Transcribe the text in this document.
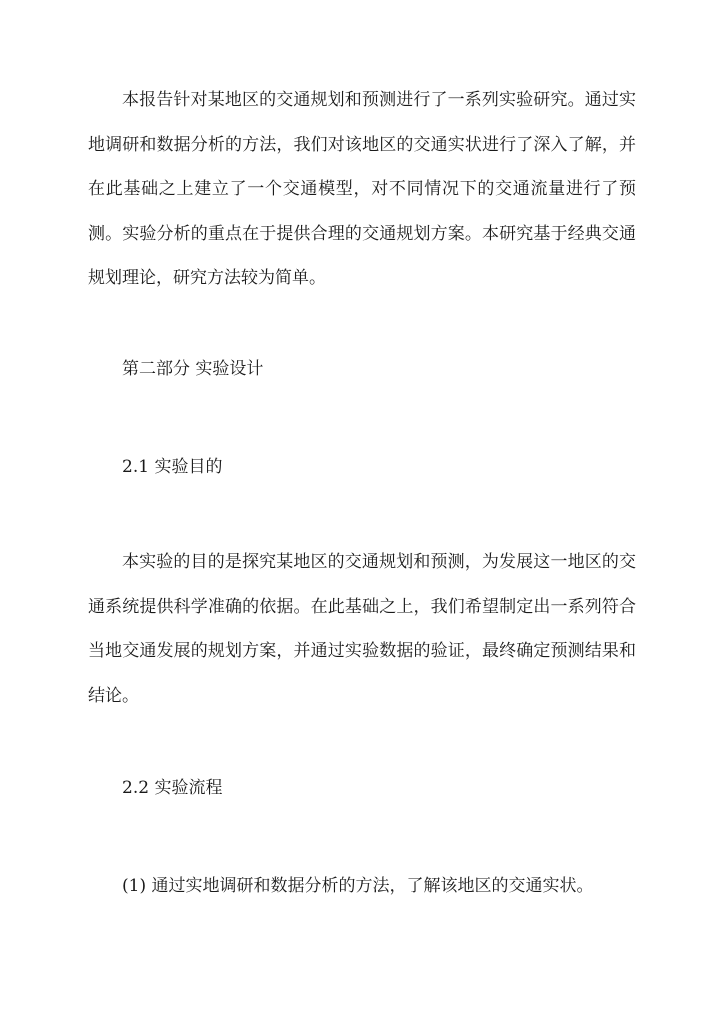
本报告针对某地区的交通规划和预测进行了一系列实验研究。通过实地调研和数据分析的方法，我们对该地区的交通实状进行了深入了解，并在此基础之上建立了一个交通模型，对不同情况下的交通流量进行了预测。实验分析的重点在于提供合理的交通规划方案。本研究基于经典交通规划理论，研究方法较为简单。

第二部分 实验设计
2.1 实验目的

本实验的目的是探究某地区的交通规划和预测，为发展这一地区的交通系统提供科学准确的依据。在此基础之上，我们希望制定出一系列符合当地交通发展的规划方案，并通过实验数据的验证，最终确定预测结果和结论。

2.2 实验流程

(1) 通过实地调研和数据分析的方法，了解该地区的交通实状。
